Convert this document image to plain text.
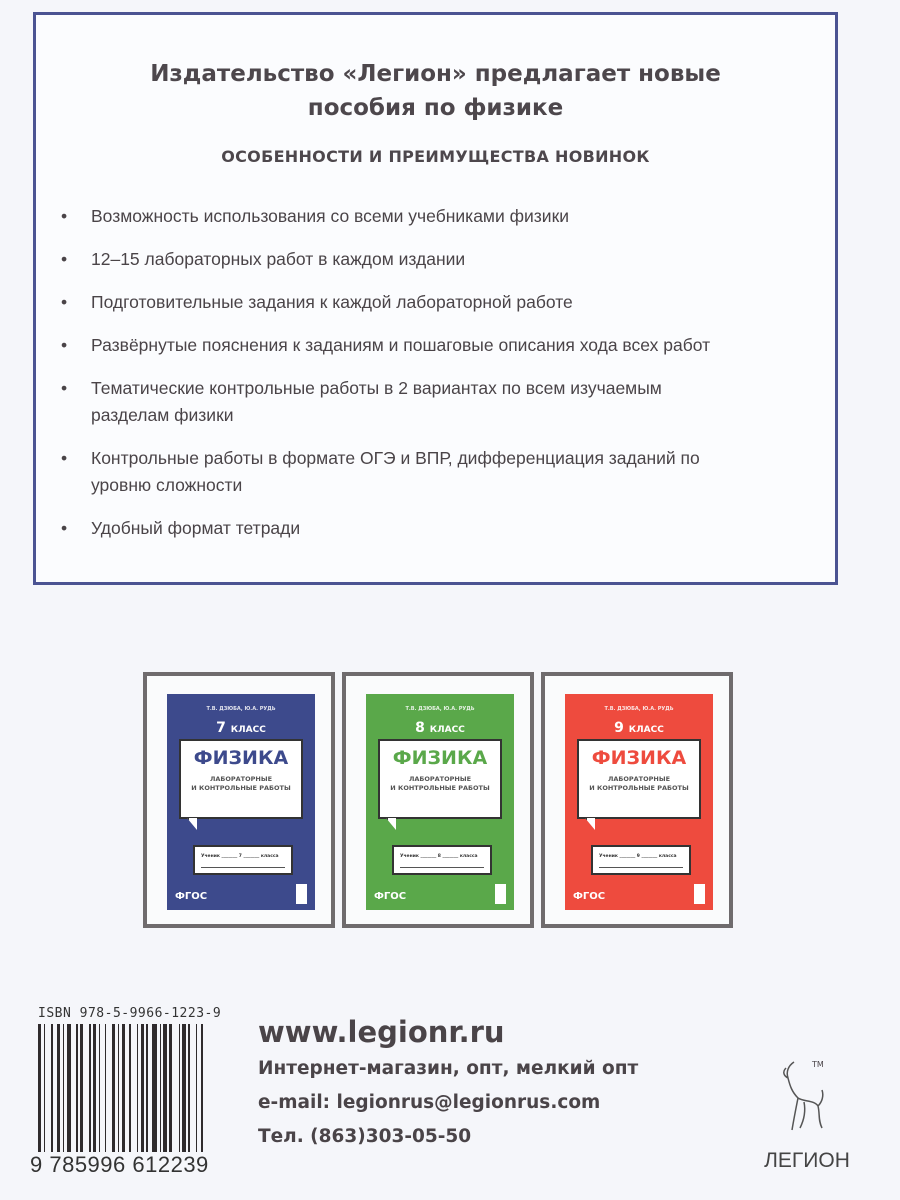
Издательство «Легион» предлагает новые
пособия по физике
ОСОБЕННОСТИ И ПРЕИМУЩЕСТВА НОВИНОК
• Возможность использования со всеми учебниками физики
• 12–15 лабораторных работ в каждом издании
• Подготовительные задания к каждой лабораторной работе
• Развёрнутые пояснения к заданиям и пошаговые описания хода всех работ
• Тематические контрольные работы в 2 вариантах по всем изучаемым разделам физики
• Контрольные работы в формате ОГЭ и ВПР, дифференциация заданий по уровню сложности
• Удобный формат тетради
Т.В. ДЗЮБА, Ю.А. РУДЬ
7 КЛАСС
ФИЗИКА
ЛАБОРАТОРНЫЕ
И КОНТРОЛЬНЫЕ РАБОТЫ
Ученик _______ 7 _______ класса
ФГОС
Т.В. ДЗЮБА, Ю.А. РУДЬ
8 КЛАСС
ФИЗИКА
ЛАБОРАТОРНЫЕ
И КОНТРОЛЬНЫЕ РАБОТЫ
Ученик _______ 8 _______ класса
ФГОС
Т.В. ДЗЮБА, Ю.А. РУДЬ
9 КЛАСС
ФИЗИКА
ЛАБОРАТОРНЫЕ
И КОНТРОЛЬНЫЕ РАБОТЫ
Ученик _______ 9 _______ класса
ФГОС
ISBN 978-5-9966-1223-9
9 785996 612239
www.legionr.ru
Интернет-магазин, опт, мелкий опт
e-mail: legionrus@legionrus.com
Тел. (863)303-05-50
TM
ЛЕГИОН
